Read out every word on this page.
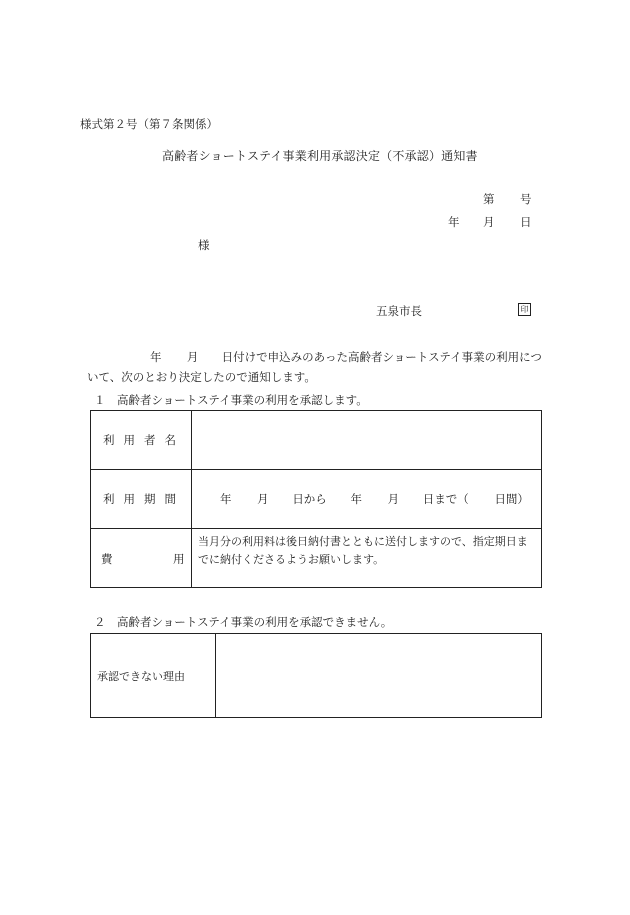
様式第２号（第７条関係）
高齢者ショートステイ事業利用承認決定（不承認）通知書
第 号
年 月 日
様
五泉市長	印
年 月 日付けで申込みのあった高齢者ショートステイ事業の利用につ
いて、次のとおり決定したので通知します。
１　高齢者ショートステイ事業の利用を承認します。
利用者名	
利用期間	年 月 日から 年 月 日まで（ 日間）

費 用	当月分の利用料は後日納付書とともに送付しますので、指定期日までに納付くださるようお願いします。
２　高齢者ショートステイ事業の利用を承認できません。
承認できない理由	
